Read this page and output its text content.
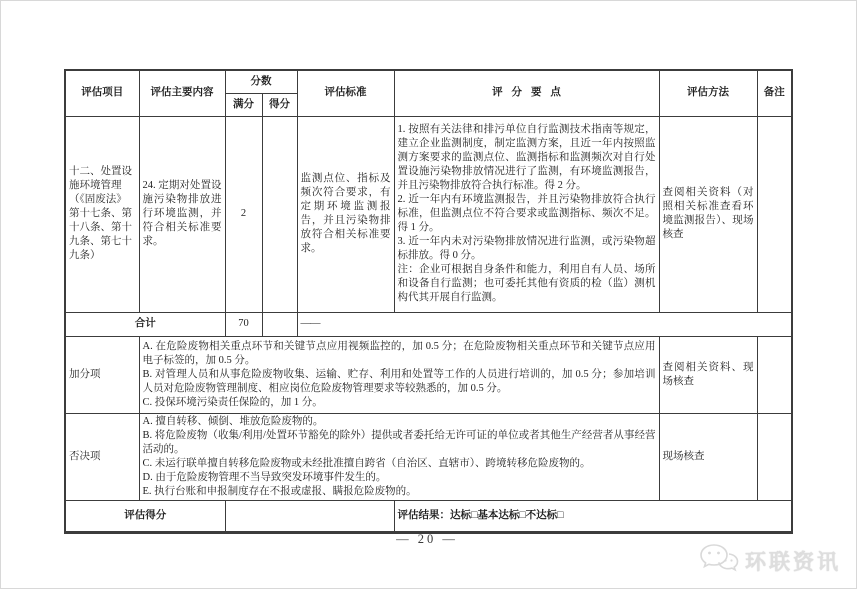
评估项目	评估主要内容	分数		评估标准	评分要点	评估方法	备注
		满分	得分				
十二、处置设施环境管理（《固废法》第十七条、第十八条、第十九条、第七十九条）	24. 定期对处置设施污染物排放进行环境监测，并符合相关标准要求。	2		监测点位、指标及频次符合要求，有定期环境监测报告，并且污染物排放符合相关标准要求。	1. 按照有关法律和排污单位自行监测技术指南等规定，建立企业监测制度，制定监测方案，且近一年内按照监测方案要求的监测点位、监测指标和监测频次对自行处置设施污染物排放情况进行了监测，有环境监测报告，并且污染物排放符合执行标准。得 2 分。
2. 近一年内有环境监测报告，并且污染物排放符合执行标准，但监测点位不符合要求或监测指标、频次不足。得 1 分。
3. 近一年内未对污染物排放情况进行监测，或污染物超标排放。得 0 分。
注：企业可根据自身条件和能力，利用自有人员、场所和设备自行监测；也可委托其他有资质的检（监）测机构代其开展自行监测。	查阅相关资料（对照相关标准查看环境监测报告）、现场核查	
合计		70		——			
加分项	A. 在危险废物相关重点环节和关键节点应用视频监控的，加 0.5 分；在危险废物相关重点环节和关键节点应用电子标签的，加 0.5 分。
B. 对管理人员和从事危险废物收集、运输、贮存、利用和处置等工作的人员进行培训的，加 0.5 分；参加培训人员对危险废物管理制度、相应岗位危险废物管理要求等较熟悉的，加 0.5 分。
C. 投保环境污染责任保险的，加 1 分。					查阅相关资料、现场核查	
否决项	A. 擅自转移、倾倒、堆放危险废物的。
B. 将危险废物（收集/利用/处置环节豁免的除外）提供或者委托给无许可证的单位或者其他生产经营者从事经营活动的。
C. 未运行联单擅自转移危险废物或未经批准擅自跨省（自治区、直辖市）、跨境转移危险废物的。
D. 由于危险废物管理不当导致突发环境事件发生的。
E. 执行台账和申报制度存在不报或虚报、瞒报危险废物的。					现场核查	
评估得分					评估结果：达标□基本达标□不达标□		
— 20 —
环联资讯
